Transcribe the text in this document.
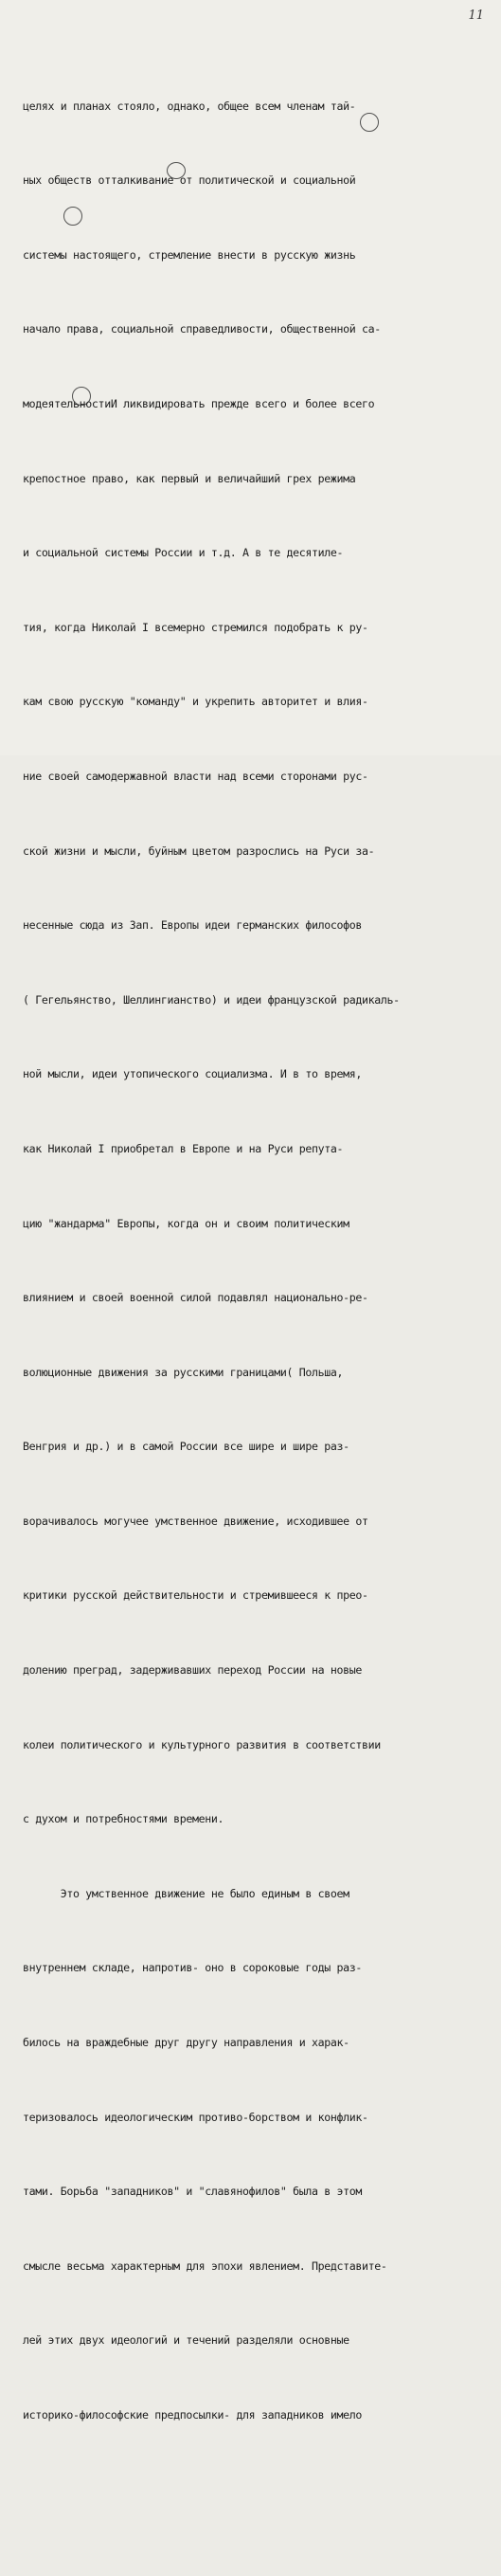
11

целях и планах стояло, однако, общее всем членам тай-

ных обществ отталкивание от политической и социальной

системы настоящего, стремление внести в русскую жизнь

начало права, социальной справедливости, общественной са-

модеятельностиИ ликвидировать прежде всего и более всего

крепостное право, как первый и величайший грех режима

и социальной системы России и т.д. А в те десятиле-

тия, когда Николай I всемерно стремился подобрать к ру-

кам свою русскую "команду" и укрепить авторитет и влия-

ние своей самодержавной власти над всеми сторонами рус-

ской жизни и мысли, буйным цветом разрослись на Руси за-

несенные сюда из Зап. Европы идеи германских философов

( Гегельянство, Шеллингианство) и идеи французской радикаль-

ной мысли, идеи утопического социализма. И в то время,

как Николай I приобретал в Европе и на Руси репута-

цию "жандарма" Европы, когда он и своим политическим

влиянием и своей военной силой подавлял национально-ре-

волюционные движения за русскими границами( Польша,

Венгрия и др.) и в самой России все шире и шире раз-

ворачивалось могучее умственное движение, исходившее от

критики русской действительности и стремившееся к прео-

долению преград, задерживавших переход России на новые

колеи политического и культурного развития в соответствии

с духом и потребностями времени.

Это умственное движение не было единым в своем

внутреннем складе, напротив- оно в сороковые годы раз-

билось на враждебные друг другу направления и харак-

теризовалось идеологическим противо-борством и конфлик-

тами. Борьба "западников" и "славянофилов" была в этом

смысле весьма характерным для эпохи явлением. Представите-

лей этих двух идеологий и течений разделяли основные

историко-философские предпосылки- для западников имело
